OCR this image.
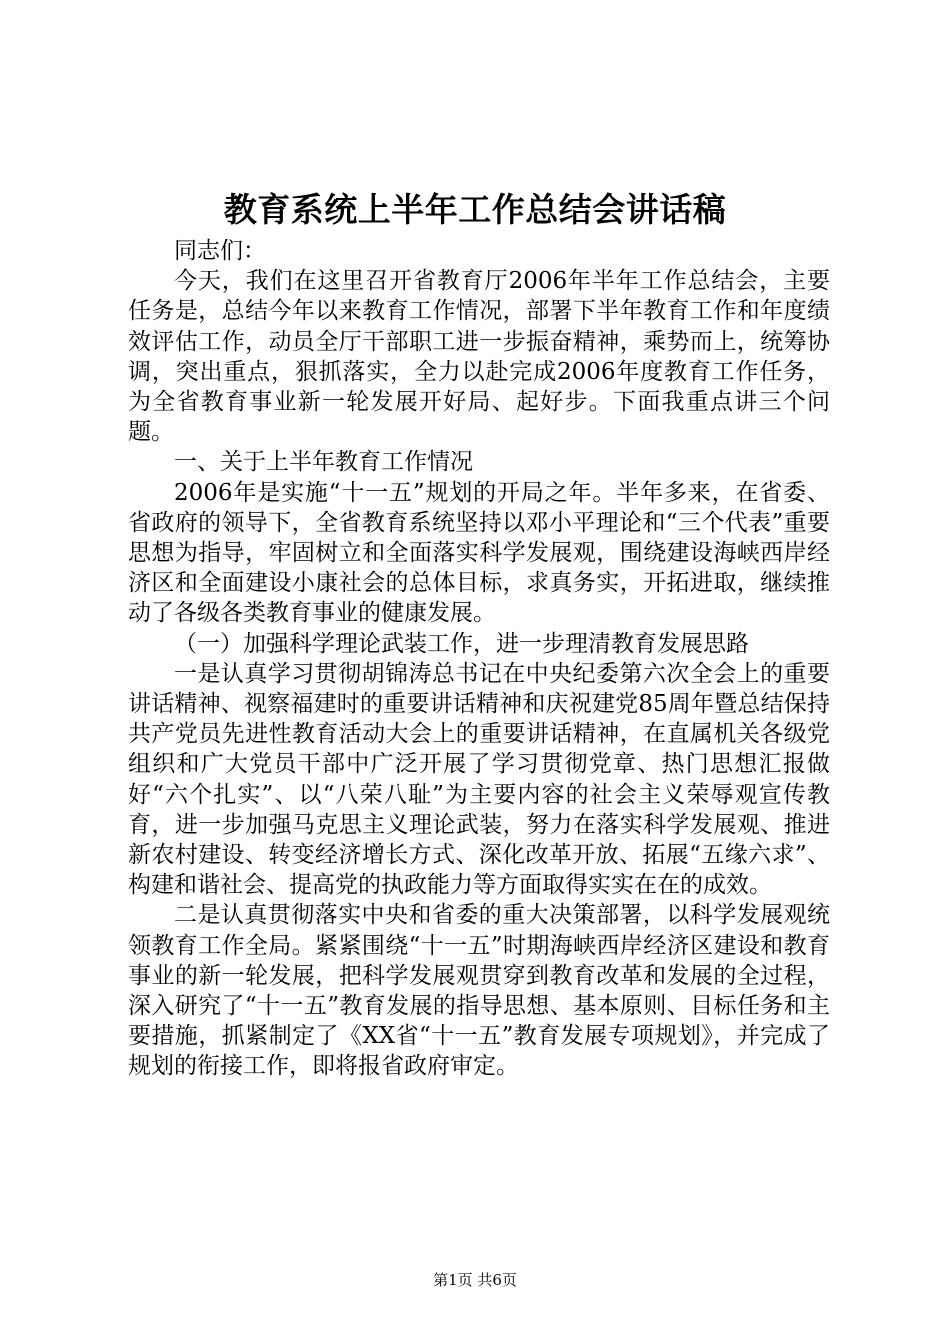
教育系统上半年工作总结会讲话稿

同志们：

今天，我们在这里召开省教育厅2006年半年工作总结会，主要任务是，总结今年以来教育工作情况，部署下半年教育工作和年度绩效评估工作，动员全厅干部职工进一步振奋精神，乘势而上，统筹协调，突出重点，狠抓落实，全力以赴完成2006年度教育工作任务，为全省教育事业新一轮发展开好局、起好步。下面我重点讲三个问题。

一、关于上半年教育工作情况

2006年是实施“十一五”规划的开局之年。半年多来，在省委、省政府的领导下，全省教育系统坚持以邓小平理论和“三个代表”重要思想为指导，牢固树立和全面落实科学发展观，围绕建设海峡西岸经济区和全面建设小康社会的总体目标，求真务实，开拓进取，继续推动了各级各类教育事业的健康发展。

（一）加强科学理论武装工作，进一步理清教育发展思路

一是认真学习贯彻胡锦涛总书记在中央纪委第六次全会上的重要讲话精神、视察福建时的重要讲话精神和庆祝建党85周年暨总结保持共产党员先进性教育活动大会上的重要讲话精神，在直属机关各级党组织和广大党员干部中广泛开展了学习贯彻党章、热门思想汇报做好“六个扎实”、以“八荣八耻”为主要内容的社会主义荣辱观宣传教育，进一步加强马克思主义理论武装，努力在落实科学发展观、推进新农村建设、转变经济增长方式、深化改革开放、拓展“五缘六求”、构建和谐社会、提高党的执政能力等方面取得实实在在的成效。

二是认真贯彻落实中央和省委的重大决策部署，以科学发展观统领教育工作全局。紧紧围绕“十一五”时期海峡西岸经济区建设和教育事业的新一轮发展，把科学发展观贯穿到教育改革和发展的全过程，深入研究了“十一五”教育发展的指导思想、基本原则、目标任务和主要措施，抓紧制定了《XX省“十一五”教育发展专项规划》，并完成了规划的衔接工作，即将报省政府审定。

第1页 共6页
